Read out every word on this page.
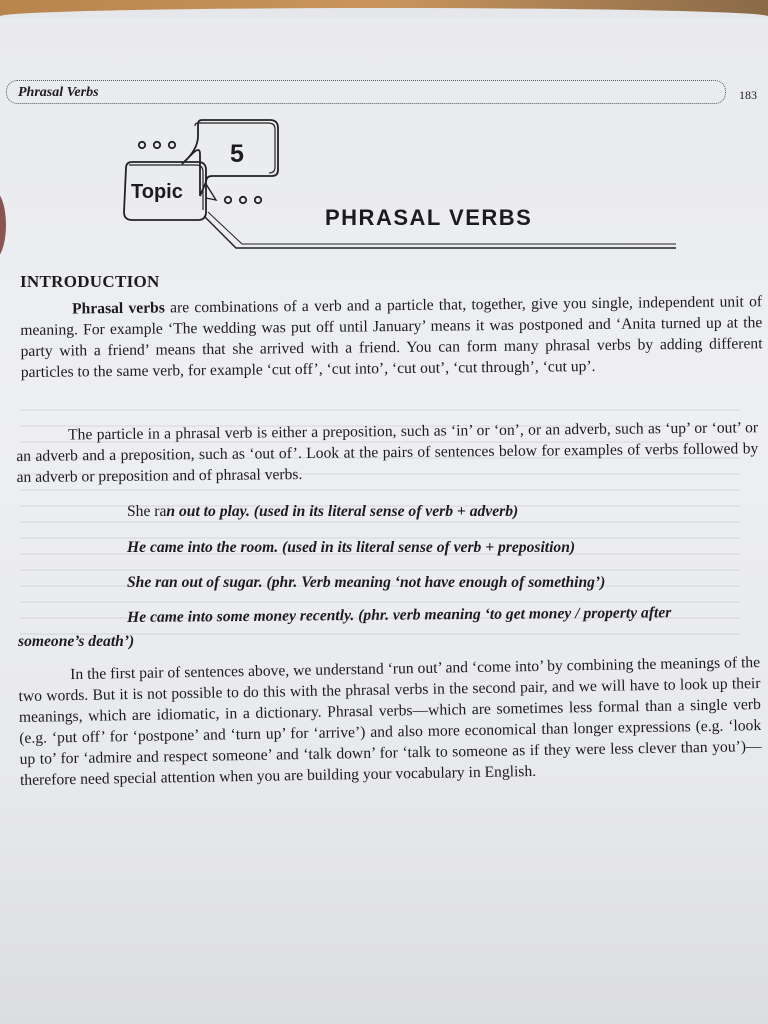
Phrasal Verbs	183
5
Topic
PHRASAL VERBS
INTRODUCTION

Phrasal verbs are combinations of a verb and a particle that, together, give you single, independent unit of meaning. For example ‘The wedding was put off until January’ means it was postponed and ‘Anita turned up at the party with a friend’ means that she arrived with a friend. You can form many phrasal verbs by adding different particles to the same verb, for example ‘cut off’, ‘cut into’, ‘cut out’, ‘cut through’, ‘cut up’.

The particle in a phrasal verb is either a preposition, such as ‘in’ or ‘on’, or an adverb, such as ‘up’ or ‘out’ or an adverb and a preposition, such as ‘out of’. Look at the pairs of sentences below for examples of verbs followed by an adverb or preposition and of phrasal verbs.

She ran out to play. (used in its literal sense of verb + adverb)

He came into the room. (used in its literal sense of verb + preposition)

She ran out of sugar. (phr. Verb meaning ‘not have enough of something’)

He came into some money recently. (phr. verb meaning ‘to get money / property after

someone’s death’)

In the first pair of sentences above, we understand ‘run out’ and ‘come into’ by combining the meanings of the two words. But it is not possible to do this with the phrasal verbs in the second pair, and we will have to look up their meanings, which are idiomatic, in a dictionary. Phrasal verbs—which are sometimes less formal than a single verb (e.g. ‘put off’ for ‘postpone’ and ‘turn up’ for ‘arrive’) and also more economical than longer expressions (e.g. ‘look up to’ for ‘admire and respect someone’ and ‘talk down’ for ‘talk to someone as if they were less clever than you’)—therefore need special attention when you are building your vocabulary in English.
